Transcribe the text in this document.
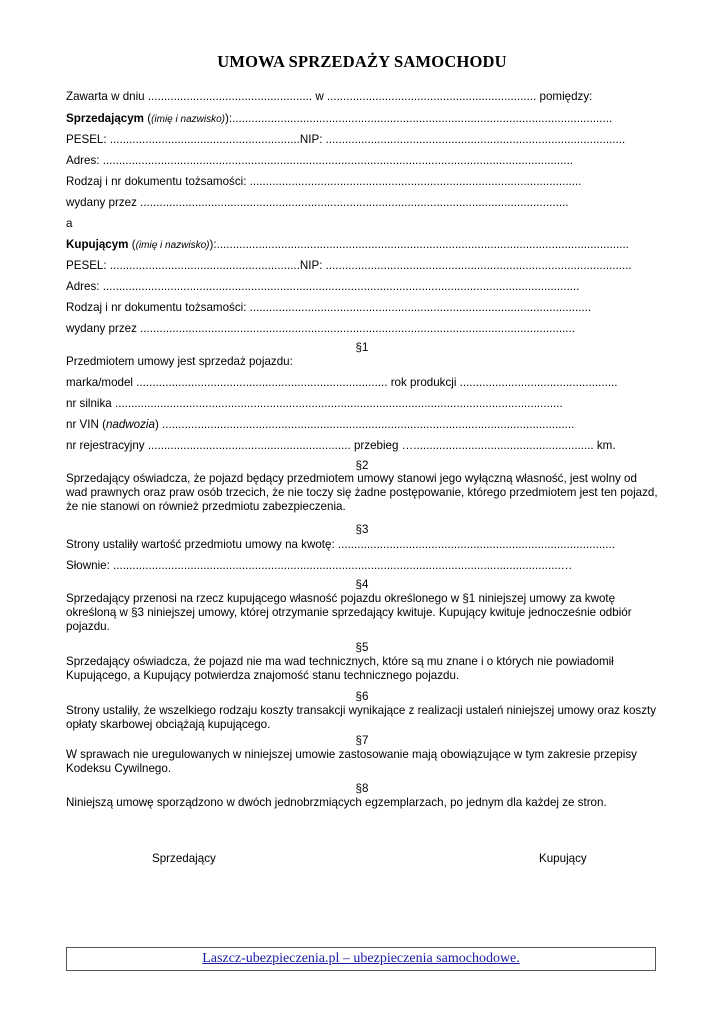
UMOWA SPRZEDAŻY SAMOCHODU
Zawarta w dniu ................................................... w ................................................................. pomiędzy:
Sprzedającym ((imię i nazwisko)):......................................................................................................................
PESEL: ...........................................................NIP: .............................................................................................
Adres: ..................................................................................................................................................
Rodzaj i nr dokumentu tożsamości: .......................................................................................................
wydany przez .....................................................................................................................................
a
Kupującym ((imię i nazwisko)):................................................................................................................................
PESEL: ...........................................................NIP: ...............................................................................................
Adres: ....................................................................................................................................................
Rodzaj i nr dokumentu tożsamości: ..........................................................................................................
wydany przez .......................................................................................................................................
§1
Przedmiotem umowy jest sprzedaż pojazdu:
marka/model .............................................................................. rok produkcji .................................................
nr silnika ...........................................................................................................................................
nr VIN (nadwozia) ................................................................................................................................
nr rejestracyjny ............................................................... przebieg …........................................................ km.
§2
Sprzedający oświadcza, że pojazd będący przedmiotem umowy stanowi jego wyłączną własność, jest wolny od wad prawnych oraz praw osób trzecich, że nie toczy się żadne postępowanie, którego przedmiotem jest ten pojazd, że nie stanowi on również przedmiotu zabezpieczenia.
§3
Strony ustaliły wartość przedmiotu umowy na kwotę: ......................................................................................
Słownie: ...........................................................................................................................................…
§4
Sprzedający przenosi na rzecz kupującego własność pojazdu określonego w §1 niniejszej umowy za kwotę określoną w §3 niniejszej umowy, której otrzymanie sprzedający kwituje. Kupujący kwituje jednocześnie odbiór pojazdu.
§5
Sprzedający oświadcza, że pojazd nie ma wad technicznych, które są mu znane i o których nie powiadomił Kupującego, a Kupujący potwierdza znajomość stanu technicznego pojazdu.
§6
Strony ustaliły, że wszelkiego rodzaju koszty transakcji wynikające z realizacji ustaleń niniejszej umowy oraz koszty opłaty skarbowej obciążają kupującego.
§7
W sprawach nie uregulowanych w niniejszej umowie zastosowanie mają obowiązujące w tym zakresie przepisy Kodeksu Cywilnego.
§8
Niniejszą umowę sporządzono w dwóch jednobrzmiących egzemplarzach, po jednym dla każdej ze stron.
Sprzedający	Kupujący
Laszcz-ubezpieczenia.pl – ubezpieczenia samochodowe.
